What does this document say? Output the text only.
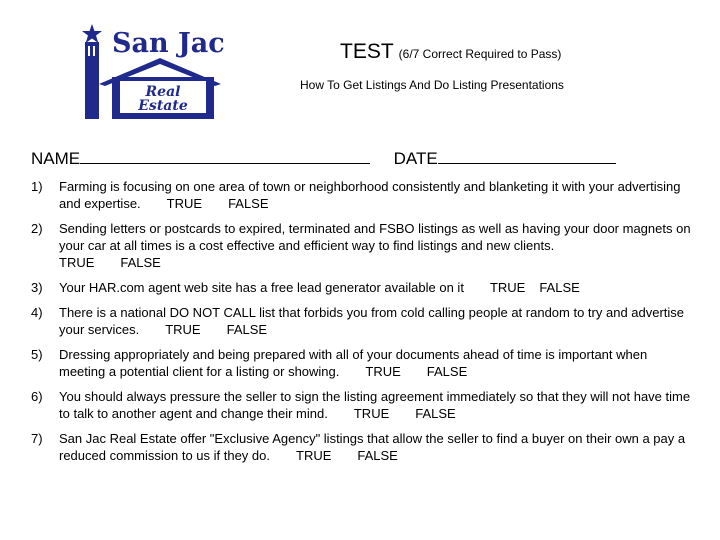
San Jac
Real
Estate
TEST (6/7 Correct Required to Pass)
How To Get Listings And Do Listing Presentations
NAME	DATE
1) Farming is focusing on one area of town or neighborhood consistently and blanketing it with your advertising and expertise. TRUE FALSE
2) Sending letters or postcards to expired, terminated and FSBO listings as well as having your door magnets on your car at all times is a cost effective and efficient way to find listings and new clients.
TRUE FALSE
3) Your HAR.com agent web site has a free lead generator available on it TRUE FALSE
4) There is a national DO NOT CALL list that forbids you from cold calling people at random to try and advertise your services. TRUE FALSE
5) Dressing appropriately and being prepared with all of your documents ahead of time is important when meeting a potential client for a listing or showing. TRUE FALSE
6) You should always pressure the seller to sign the listing agreement immediately so that they will not have time to talk to another agent and change their mind. TRUE FALSE
7) San Jac Real Estate offer "Exclusive Agency" listings that allow the seller to find a buyer on their own a pay a reduced commission to us if they do. TRUE FALSE
